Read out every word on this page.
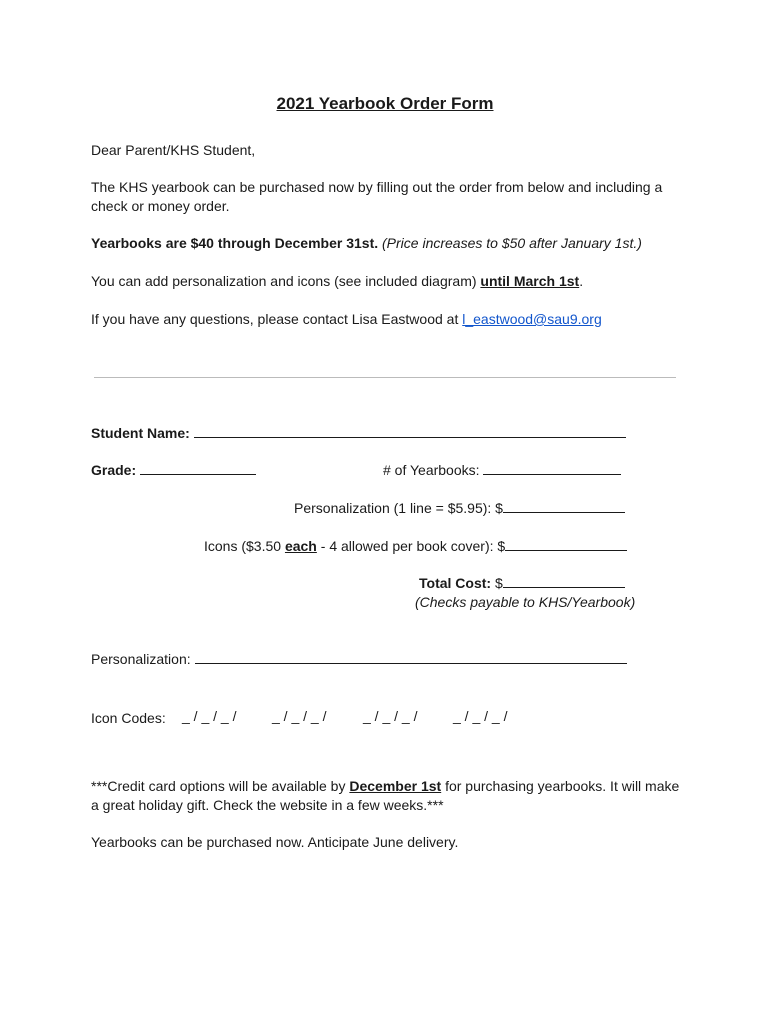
2021 Yearbook Order Form
Dear Parent/KHS Student,
The KHS yearbook can be purchased now by filling out the order from below and including a
check or money order.
Yearbooks are $40 through December 31st. (Price increases to $50 after January 1st.)
You can add personalization and icons (see included diagram) until March 1st.
If you have any questions, please contact Lisa Eastwood at l_eastwood@sau9.org
Student Name:
Grade:	# of Yearbooks:
Personalization (1 line = $5.95): $
Icons ($3.50 each - 4 allowed per book cover): $
Total Cost: $
(Checks payable to KHS/Yearbook)
Personalization:
Icon Codes: _ / _ / _ /	_ / _ / _ /	_ / _ / _ /	_ / _ / _ /
***Credit card options will be available by December 1st for purchasing yearbooks. It will make
a great holiday gift. Check the website in a few weeks.***
Yearbooks can be purchased now. Anticipate June delivery.
